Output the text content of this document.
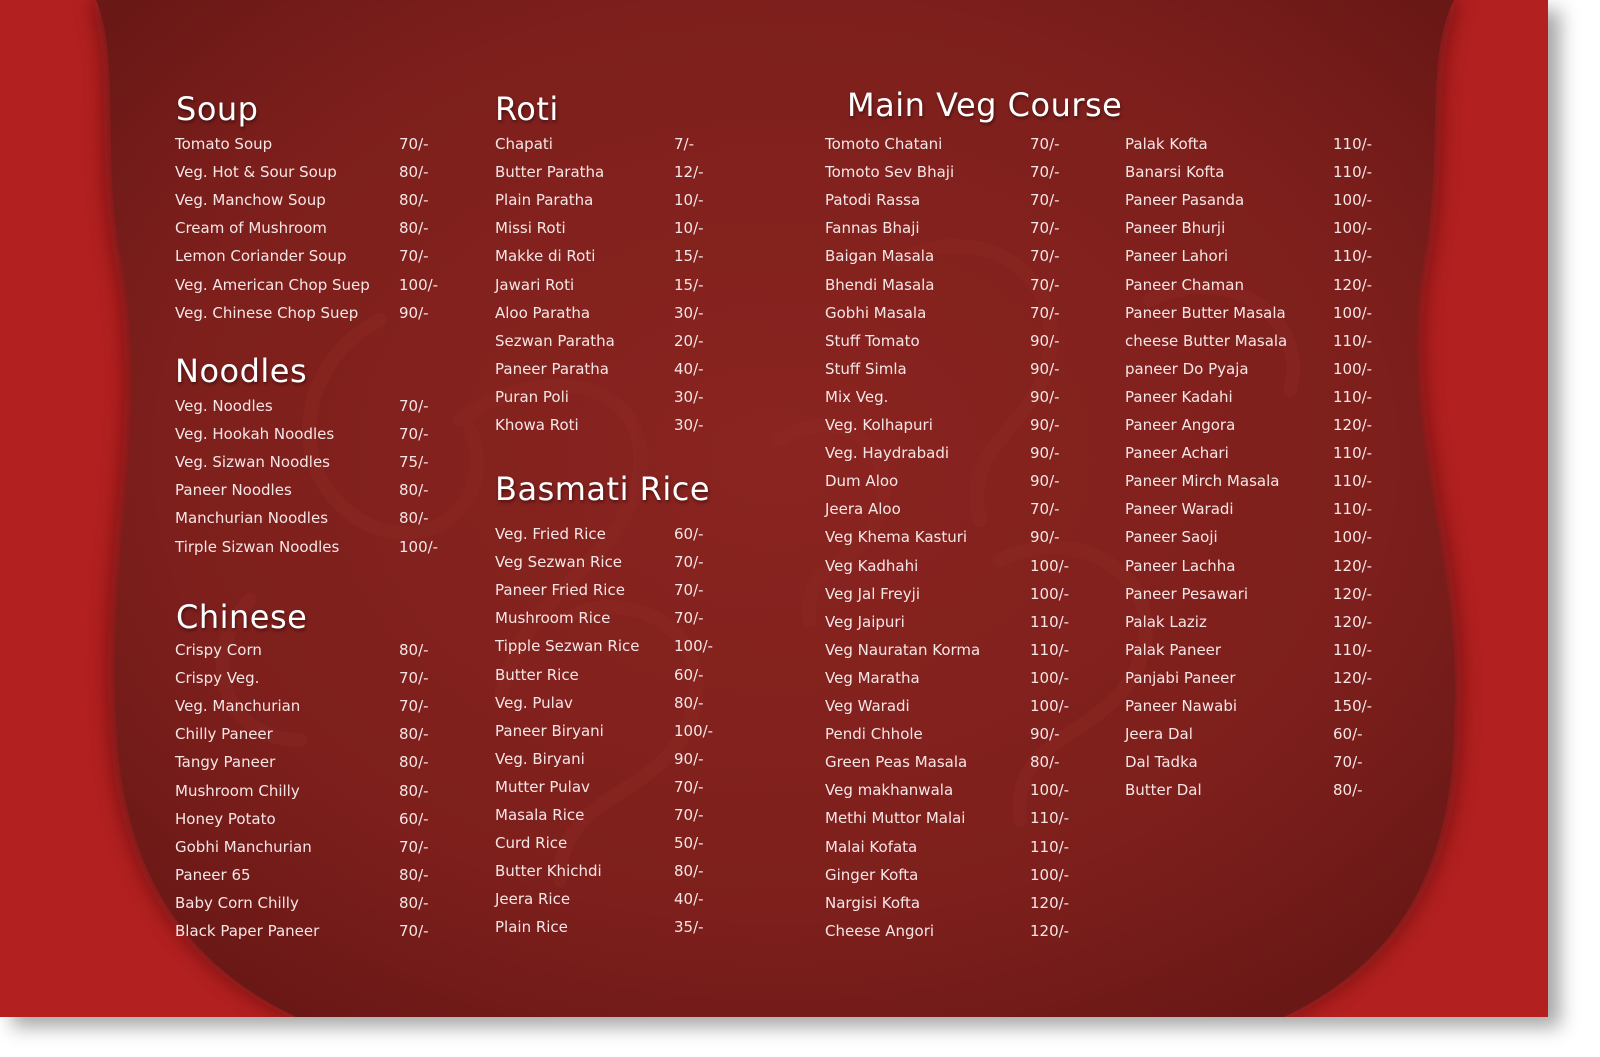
Soup
Tomato Soup	70/-
Veg. Hot & Sour Soup	80/-
Veg. Manchow Soup	80/-
Cream of Mushroom	80/-
Lemon Coriander Soup	70/-
Veg. American Chop Suep 100/-
Veg. Chinese Chop Suep	90/-
Noodles
Veg. Noodles	70/-
Veg. Hookah Noodles	70/-
Veg. Sizwan Noodles	75/-
Paneer Noodles	80/-
Manchurian Noodles	80/-
Tirple Sizwan Noodles	100/-
Chinese
Crispy Corn	80/-
Crispy Veg.	70/-
Veg. Manchurian	70/-
Chilly Paneer	80/-
Tangy Paneer	80/-
Mushroom Chilly	80/-
Honey Potato	60/-
Gobhi Manchurian	70/-
Paneer 65	80/-
Baby Corn Chilly	80/-
Black Paper Paneer	70/-
Roti
Chapati	7/-
Butter Paratha	12/-
Plain Paratha	10/-
Missi Roti	10/-
Makke di Roti	15/-
Jawari Roti	15/-
Aloo Paratha	30/-
Sezwan Paratha	20/-
Paneer Paratha	40/-
Puran Poli	30/-
Khowa Roti	30/-
Basmati Rice
Veg. Fried Rice	60/-
Veg Sezwan Rice	70/-
Paneer Fried Rice	70/-
Mushroom Rice	70/-
Tipple Sezwan Rice 100/-
Butter Rice	60/-
Veg. Pulav	80/-
Paneer Biryani	100/-
Veg. Biryani	90/-
Mutter Pulav	70/-
Masala Rice	70/-
Curd Rice	50/-
Butter Khichdi	80/-
Jeera Rice	40/-
Plain Rice	35/-
Main Veg Course
Tomoto Chatani	70/-
Tomoto Sev Bhaji	70/-
Patodi Rassa	70/-
Fannas Bhaji	70/-
Baigan Masala	70/-
Bhendi Masala	70/-
Gobhi Masala	70/-
Stuff Tomato	90/-
Stuff Simla	90/-
Mix Veg.	90/-
Veg. Kolhapuri	90/-
Veg. Haydrabadi	90/-
Dum Aloo	90/-
Jeera Aloo	70/-
Veg Khema Kasturi	90/-
Veg Kadhahi	100/-
Veg Jal Freyji	100/-
Veg Jaipuri	110/-
Veg Nauratan Korma	110/-
Veg Maratha	100/-
Veg Waradi	100/-
Pendi Chhole	90/-
Green Peas Masala	80/-
Veg makhanwala	100/-
Methi Muttor Malai	110/-
Malai Kofata	110/-
Ginger Kofta	100/-
Nargisi Kofta	120/-
Cheese Angori	120/-
Palak Kofta	110/-
Banarsi Kofta	110/-
Paneer Pasanda	100/-
Paneer Bhurji	100/-
Paneer Lahori	110/-
Paneer Chaman	120/-
Paneer Butter Masala	100/-
cheese Butter Masala	110/-
paneer Do Pyaja	100/-
Paneer Kadahi	110/-
Paneer Angora	120/-
Paneer Achari	110/-
Paneer Mirch Masala	110/-
Paneer Waradi	110/-
Paneer Saoji	100/-
Paneer Lachha	120/-
Paneer Pesawari	120/-
Palak Laziz	120/-
Palak Paneer	110/-
Panjabi Paneer	120/-
Paneer Nawabi	150/-
Jeera Dal	60/-
Dal Tadka	70/-
Butter Dal	80/-
